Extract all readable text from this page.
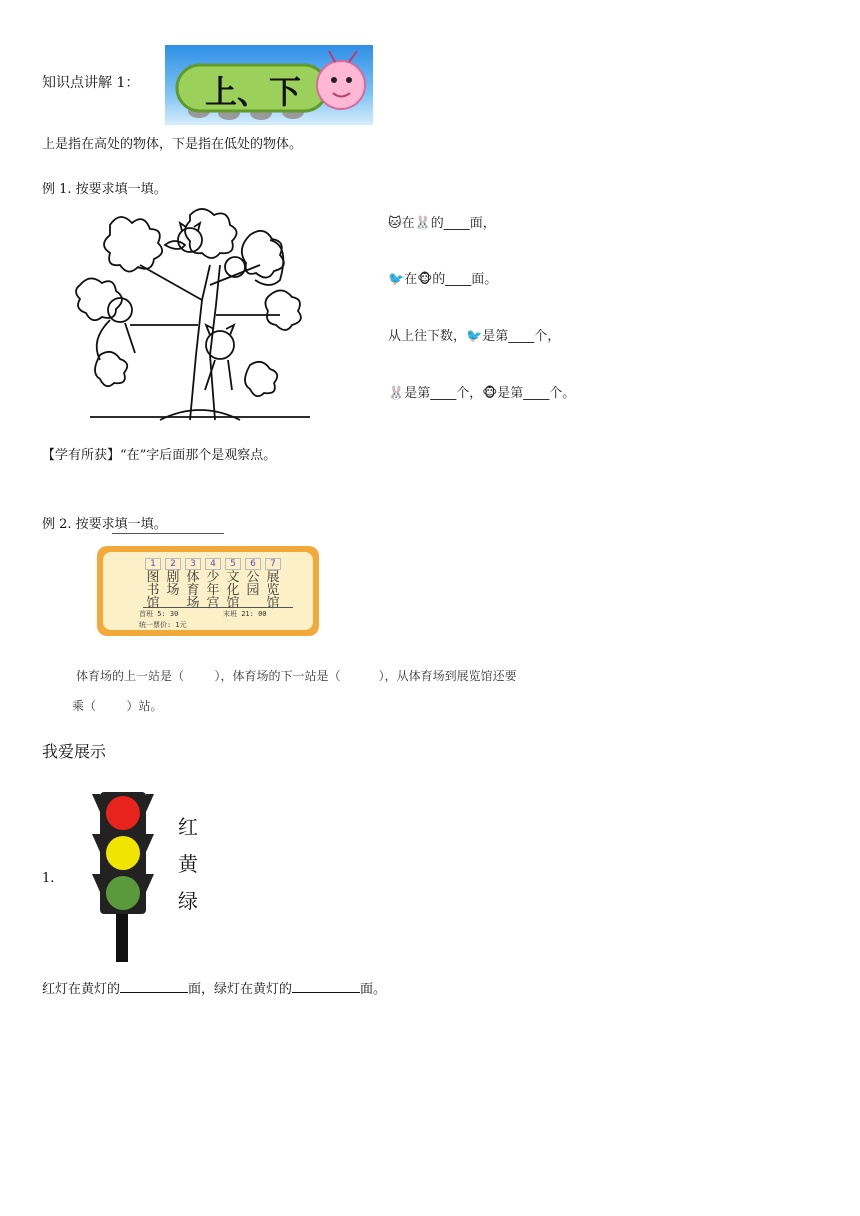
知识点讲解 1： 上、下
上是指在高处的物体，下是指在低处的物体。
例 1. 按要求填一填。
🐱在🐰的____面，
🐦在🐵的____面。
从上往下数，🐦是第____个，
🐰是第____个，🐵是第____个。
【学有所获】“在”字后面那个是观察点。
例 2. 按要求填一填。
1
图书馆
2
剧场
3
体育场
4
少年宫
5
文化馆
6
公园
7
展览馆
首班 5: 30	末班 21: 00
统一票价: 1元
体育场的上一站是（        ），体育场的下一站是（          ），从体育场到展览馆还要
乘（        ）站。
我爱展示
1.
红
黄
绿
红灯在黄灯的	面，绿灯在黄灯的	面。
